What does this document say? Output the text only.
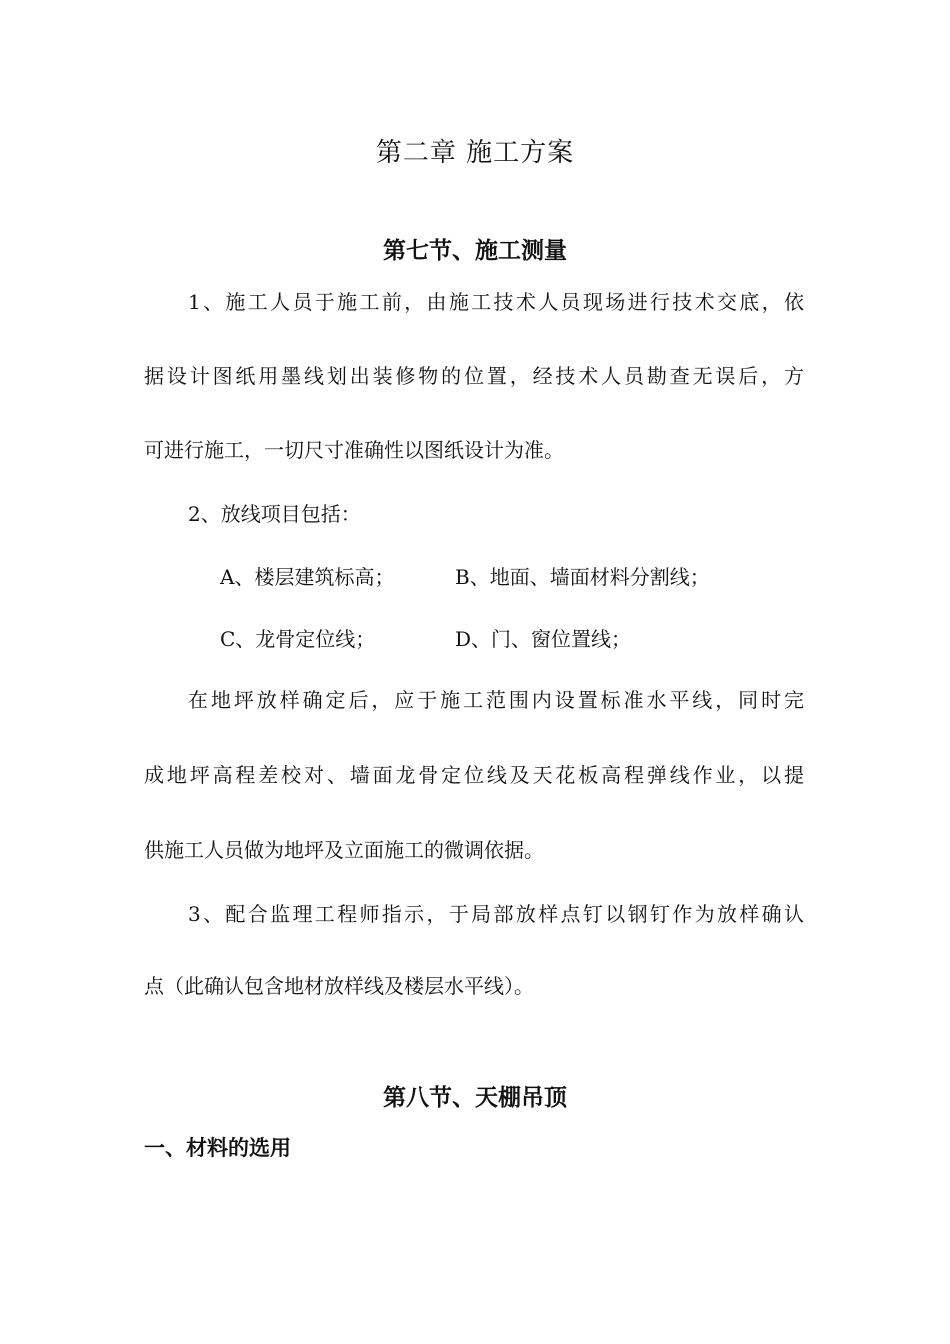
第二章 施工方案
第七节、施工测量
1、施工人员于施工前，由施工技术人员现场进行技术交底，依
据设计图纸用墨线划出装修物的位置，经技术人员勘查无误后，方
可进行施工，一切尺寸准确性以图纸设计为准。
2、放线项目包括：
A、楼层建筑标高；	B、地面、墙面材料分割线；
C、龙骨定位线；	D、门、窗位置线；
在地坪放样确定后，应于施工范围内设置标准水平线，同时完
成地坪高程差校对、墙面龙骨定位线及天花板高程弹线作业，以提
供施工人员做为地坪及立面施工的微调依据。
3、配合监理工程师指示，于局部放样点钉以钢钉作为放样确认
点（此确认包含地材放样线及楼层水平线）。
第八节、天棚吊顶
一、材料的选用
